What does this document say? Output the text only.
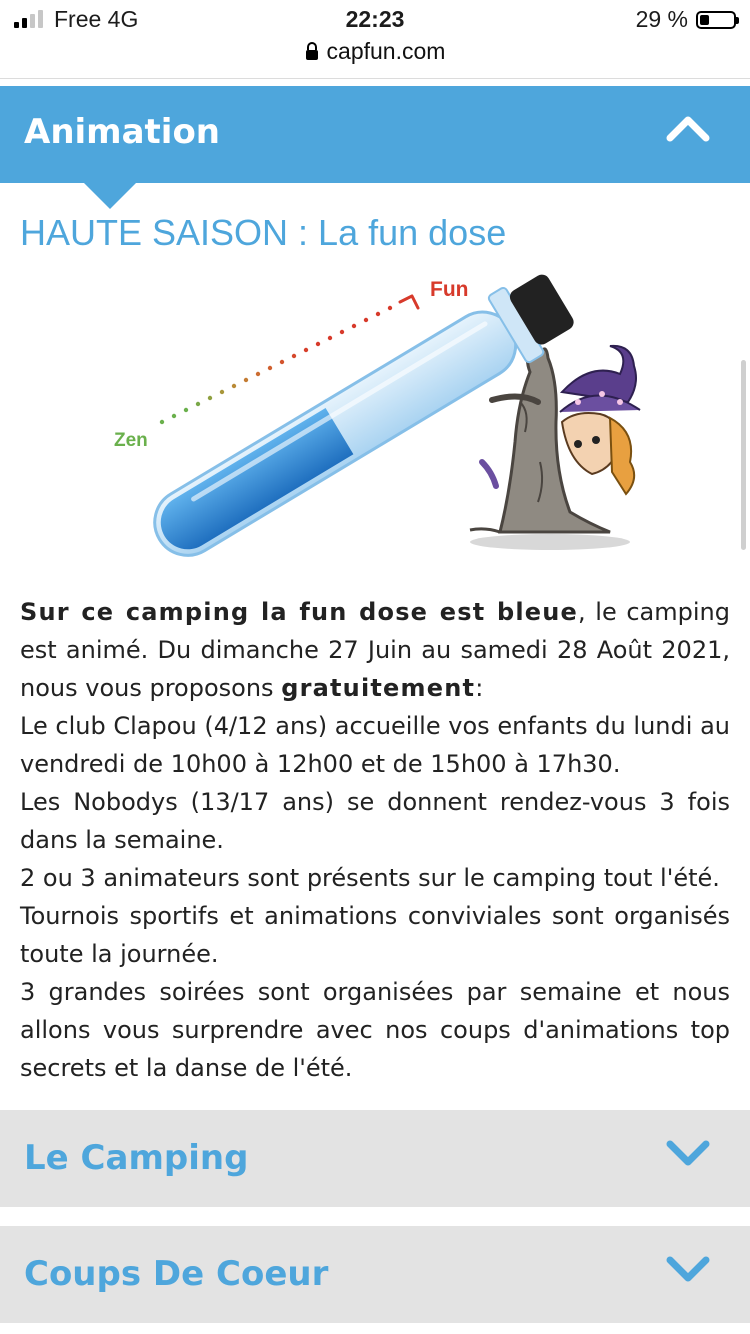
Free 4G	22:23	29 %
capfun.com
Animation
HAUTE SAISON : La fun dose
Fun
Zen

Sur ce camping la fun dose est bleue, le camping est animé. Du dimanche 27 Juin au samedi 28 Août 2021, nous vous proposons gratuitement:

Le club Clapou (4/12 ans) accueille vos enfants du lundi au vendredi de 10h00 à 12h00 et de 15h00 à 17h30.

Les Nobodys (13/17 ans) se donnent rendez-vous 3 fois dans la semaine.

2 ou 3 animateurs sont présents sur le camping tout l'été.

Tournois sportifs et animations conviviales sont organisés toute la journée.

3 grandes soirées sont organisées par semaine et nous allons vous surprendre avec nos coups d'animations top secrets et la danse de l'été.

Le Camping
Coups De Coeur
